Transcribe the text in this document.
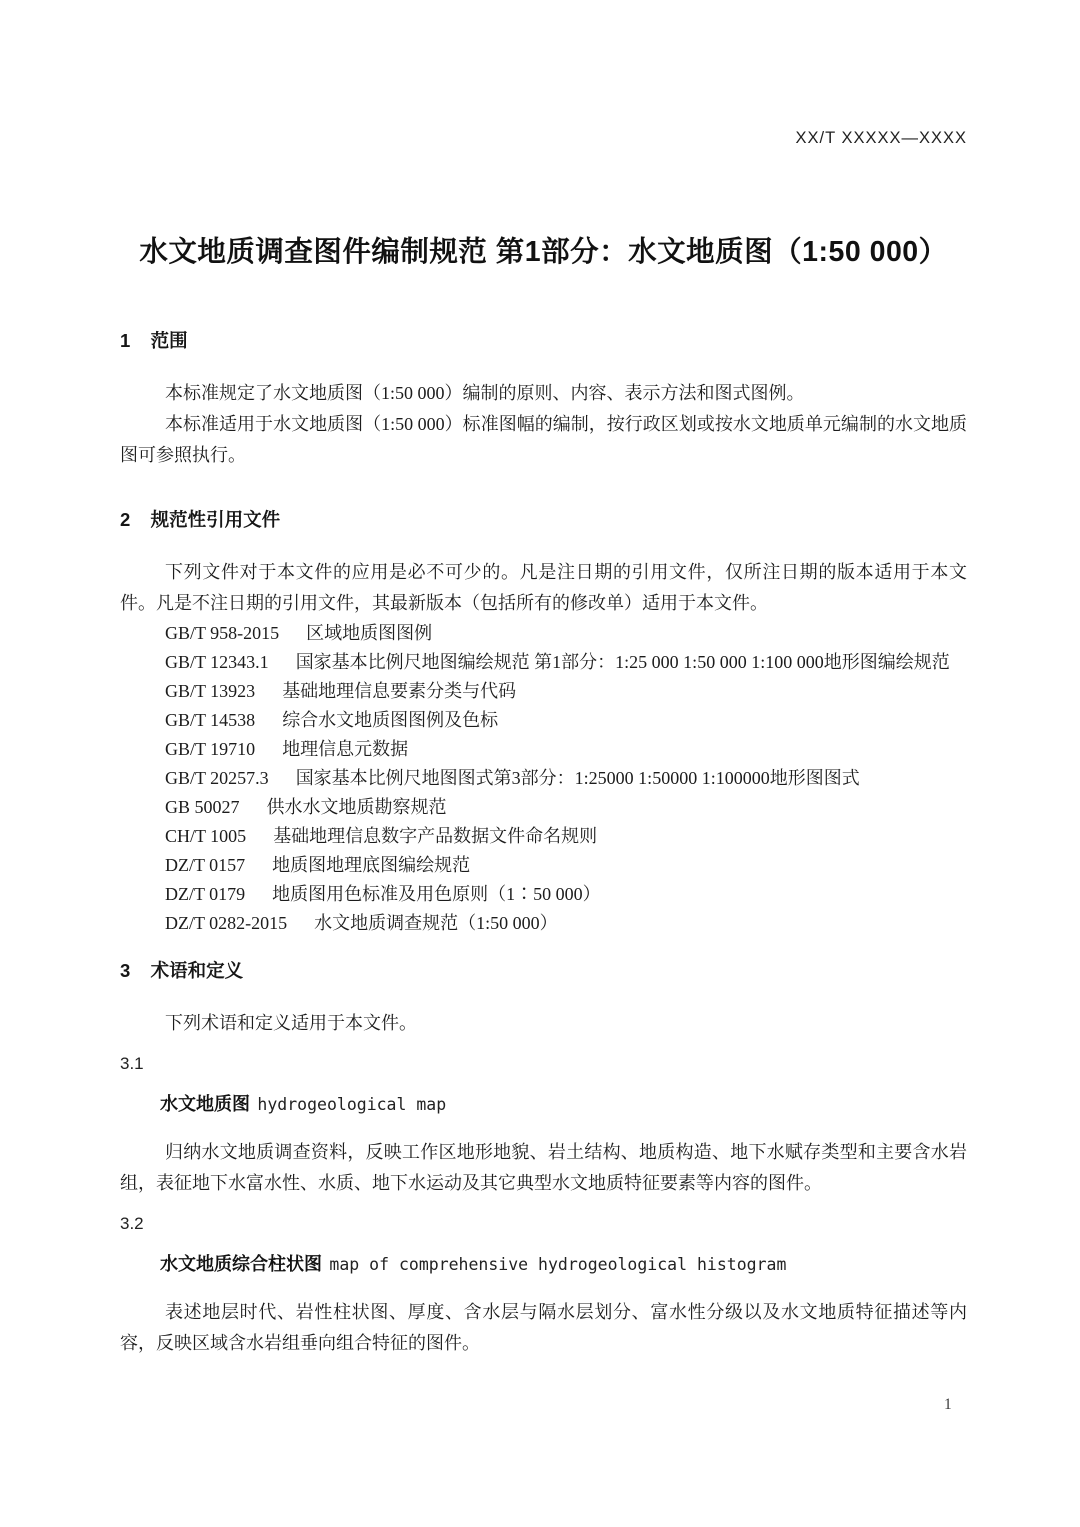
XX/T XXXXX—XXXX
水文地质调查图件编制规范 第1部分：水文地质图（1:50 000）
1 范围

本标准规定了水文地质图（1:50 000）编制的原则、内容、表示方法和图式图例。

本标准适用于水文地质图（1:50 000）标准图幅的编制，按行政区划或按水文地质单元编制的水文地质图可参照执行。

2 规范性引用文件

下列文件对于本文件的应用是必不可少的。凡是注日期的引用文件，仅所注日期的版本适用于本文件。凡是不注日期的引用文件，其最新版本（包括所有的修改单）适用于本文件。

GB/T 958-2015 区域地质图图例

GB/T 12343.1 国家基本比例尺地图编绘规范 第1部分：1:25 000 1:50 000 1:100 000地形图编绘规范

GB/T 13923 基础地理信息要素分类与代码

GB/T 14538 综合水文地质图图例及色标

GB/T 19710 地理信息元数据

GB/T 20257.3 国家基本比例尺地图图式第3部分：1:25000 1:50000 1:100000地形图图式

GB 50027 供水水文地质勘察规范

CH/T 1005 基础地理信息数字产品数据文件命名规则

DZ/T 0157 地质图地理底图编绘规范

DZ/T 0179 地质图用色标准及用色原则（1∶50 000）

DZ/T 0282-2015 水文地质调查规范（1:50 000）

3 术语和定义

下列术语和定义适用于本文件。

3.1

水文地质图 hydrogeological map

归纳水文地质调查资料，反映工作区地形地貌、岩土结构、地质构造、地下水赋存类型和主要含水岩组，表征地下水富水性、水质、地下水运动及其它典型水文地质特征要素等内容的图件。

3.2

水文地质综合柱状图 map of comprehensive hydrogeological histogram

表述地层时代、岩性柱状图、厚度、含水层与隔水层划分、富水性分级以及水文地质特征描述等内容，反映区域含水岩组垂向组合特征的图件。

1
